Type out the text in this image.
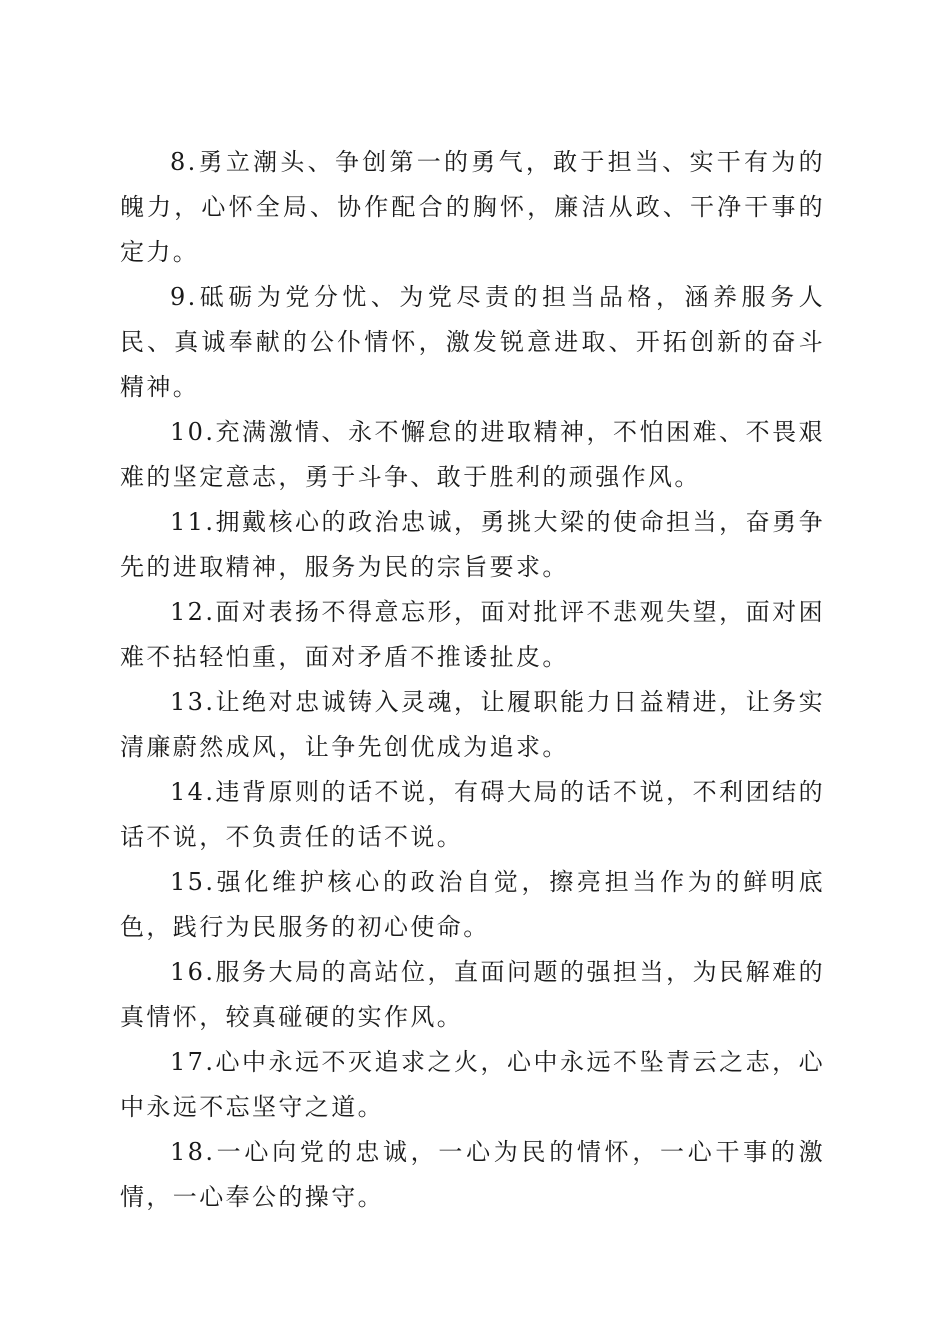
8.勇立潮头、争创第一的勇气，敢于担当、实干有为的魄力，心怀全局、协作配合的胸怀，廉洁从政、干净干事的定力。

9.砥砺为党分忧、为党尽责的担当品格，涵养服务人民、真诚奉献的公仆情怀，激发锐意进取、开拓创新的奋斗精神。

10.充满激情、永不懈怠的进取精神，不怕困难、不畏艰难的坚定意志，勇于斗争、敢于胜利的顽强作风。

11.拥戴核心的政治忠诚，勇挑大梁的使命担当，奋勇争先的进取精神，服务为民的宗旨要求。

12.面对表扬不得意忘形，面对批评不悲观失望，面对困难不拈轻怕重，面对矛盾不推诿扯皮。

13.让绝对忠诚铸入灵魂，让履职能力日益精进，让务实清廉蔚然成风，让争先创优成为追求。

14.违背原则的话不说，有碍大局的话不说，不利团结的话不说，不负责任的话不说。

15.强化维护核心的政治自觉，擦亮担当作为的鲜明底色，践行为民服务的初心使命。

16.服务大局的高站位，直面问题的强担当，为民解难的真情怀，较真碰硬的实作风。

17.心中永远不灭追求之火，心中永远不坠青云之志，心中永远不忘坚守之道。

18.一心向党的忠诚，一心为民的情怀，一心干事的激情，一心奉公的操守。
